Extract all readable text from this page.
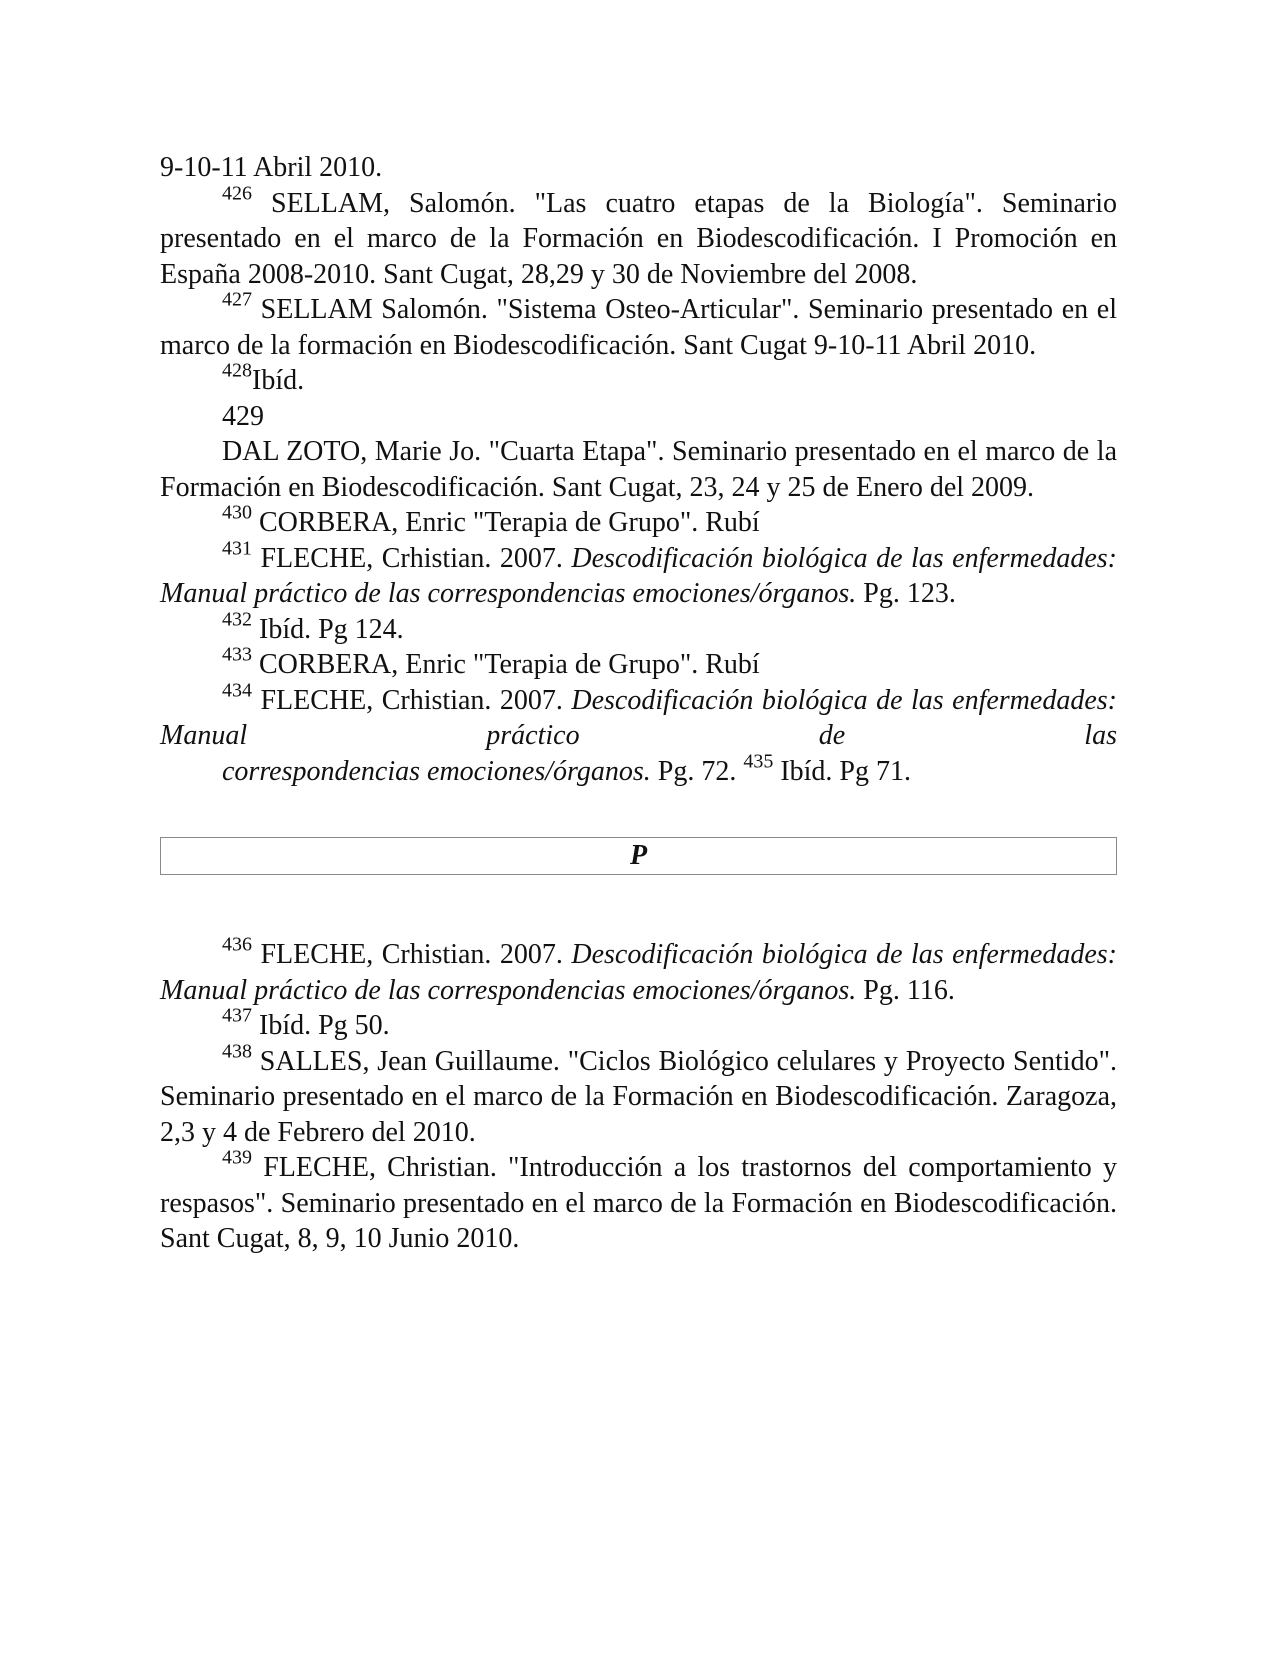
9-10-11 Abril 2010.

$^{426}$ SELLAM, Salomón. "Las cuatro etapas de la Biología". Seminario presentado en el marco de la Formación en Biodescodificación. I Promoción en España 2008-2010. Sant Cugat, 28,29 y 30 de Noviembre del 2008.

$^{427}$ SELLAM Salomón. "Sistema Osteo-Articular". Seminario presentado en el marco de la formación en Biodescodificación. Sant Cugat 9-10-11 Abril 2010.

$^{428}$Ibíd.

429

DAL ZOTO, Marie Jo. "Cuarta Etapa". Seminario presentado en el marco de la Formación en Biodescodificación. Sant Cugat, 23, 24 y 25 de Enero del 2009.

$^{430}$ CORBERA, Enric "Terapia de Grupo". Rubí

$^{431}$ FLECHE, Crhistian. 2007. Descodificación biológica de las enfermedades: Manual práctico de las correspondencias emociones/órganos. Pg. 123.

$^{432}$ Ibíd. Pg 124.

$^{433}$ CORBERA, Enric "Terapia de Grupo". Rubí

$^{434}$ FLECHE, Crhistian. 2007. Descodificación biológica de las enfermedades: Manual práctico de las

correspondencias emociones/órganos. Pg. 72. $^{435}$ Ibíd. Pg 71.

P

$^{436}$ FLECHE, Crhistian. 2007. Descodificación biológica de las enfermedades: Manual práctico de las correspondencias emociones/órganos. Pg. 116.

$^{437}$ Ibíd. Pg 50.

$^{438}$ SALLES, Jean Guillaume. "Ciclos Biológico celulares y Proyecto Sentido". Seminario presentado en el marco de la Formación en Biodescodificación. Zaragoza, 2,3 y 4 de Febrero del 2010.

$^{439}$ FLECHE, Christian. "Introducción a los trastornos del comportamiento y respasos". Seminario presentado en el marco de la Formación en Biodescodificación. Sant Cugat, 8, 9, 10 Junio 2010.
